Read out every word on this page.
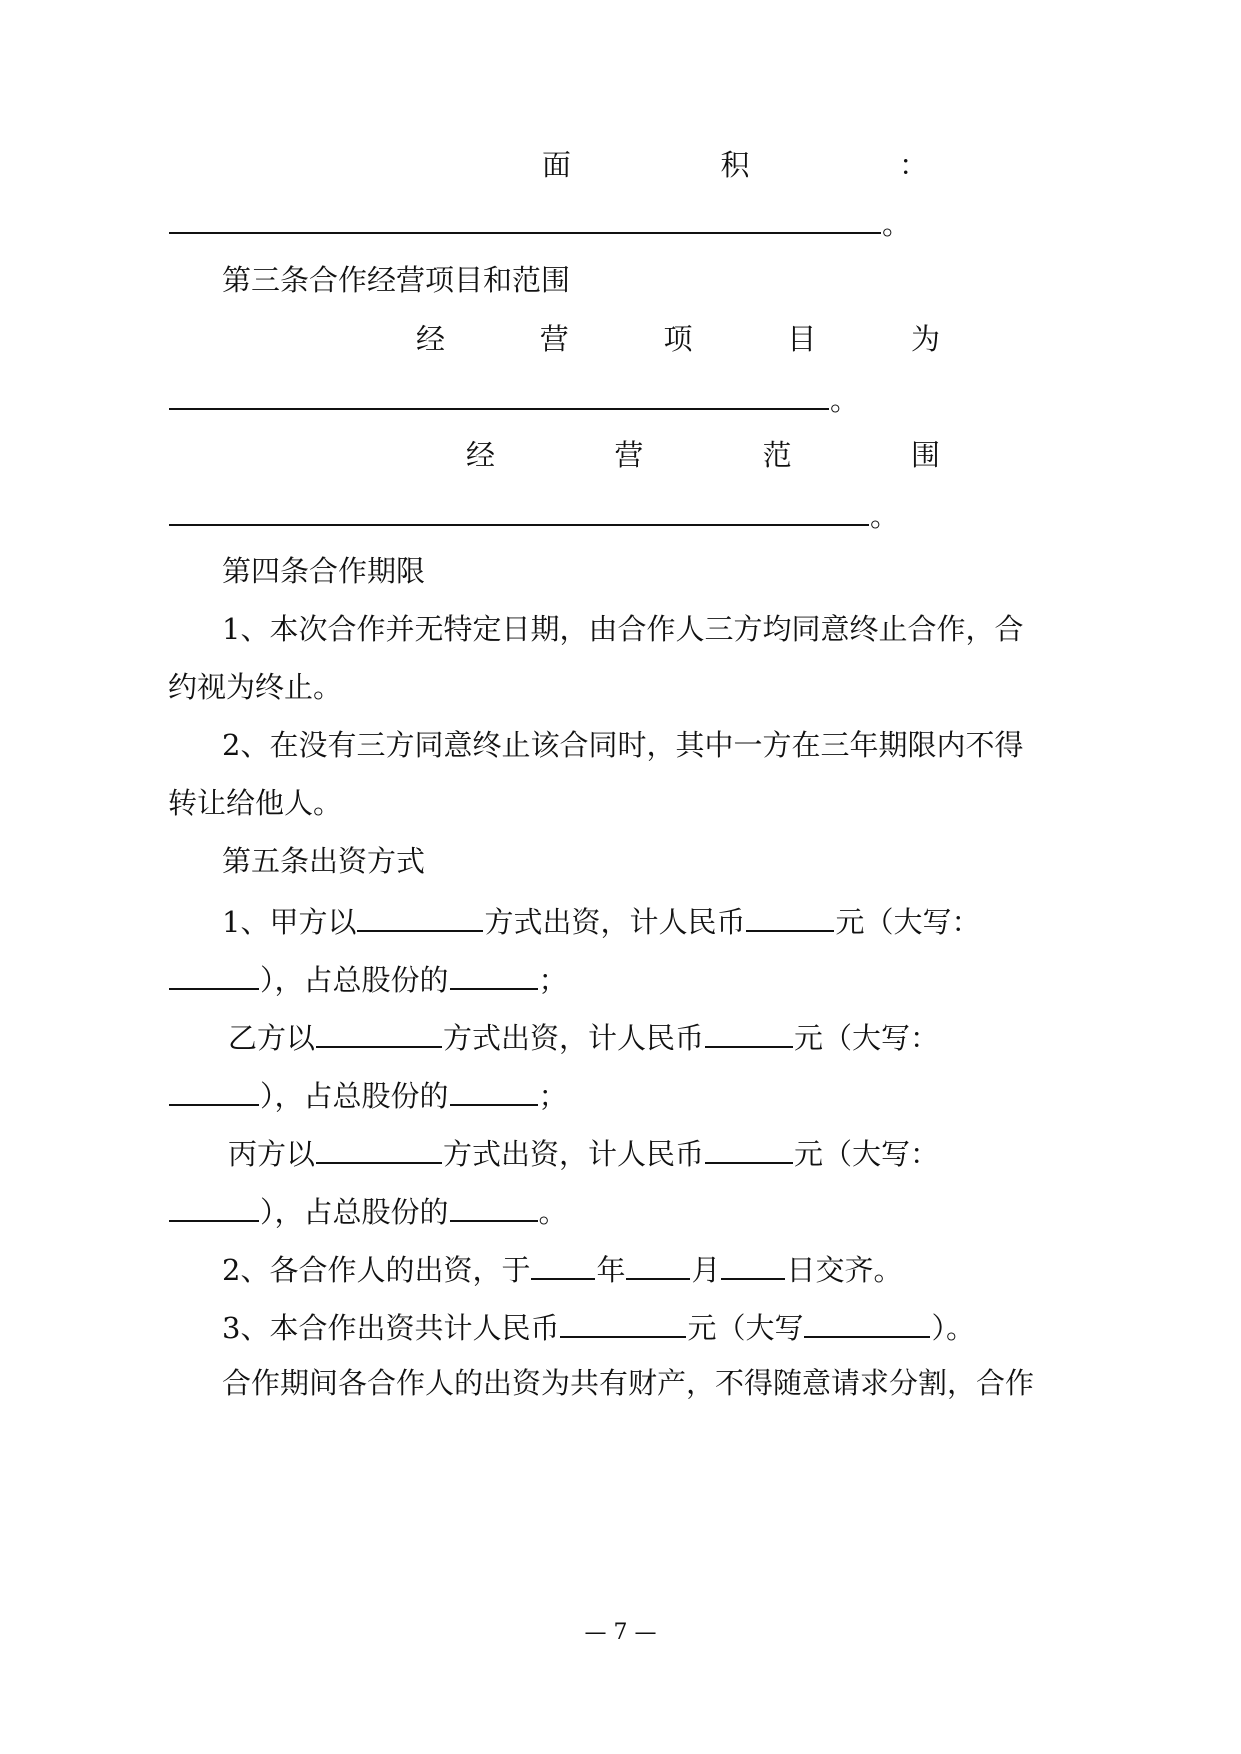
面	积	：
。
第三条合作经营项目和范围
经	营	项	目	为
。
经	营	范	围
。
第四条合作期限
1、本次合作并无特定日期，由合作人三方均同意终止合作，合
约视为终止。
2、在没有三方同意终止该合同时，其中一方在三年期限内不得
转让给他人。
第五条出资方式
1、甲方以	方式出资，计人民币	元（大写：
），占总股份的	；
乙方以	方式出资，计人民币	元（大写：
），占总股份的	；
丙方以	方式出资，计人民币	元（大写：
），占总股份的	。
2、各合作人的出资，于 年 月 日交齐。
3、本合作出资共计人民币	元（大写	）。
合作期间各合作人的出资为共有财产，不得随意请求分割，合作
— 7 —
